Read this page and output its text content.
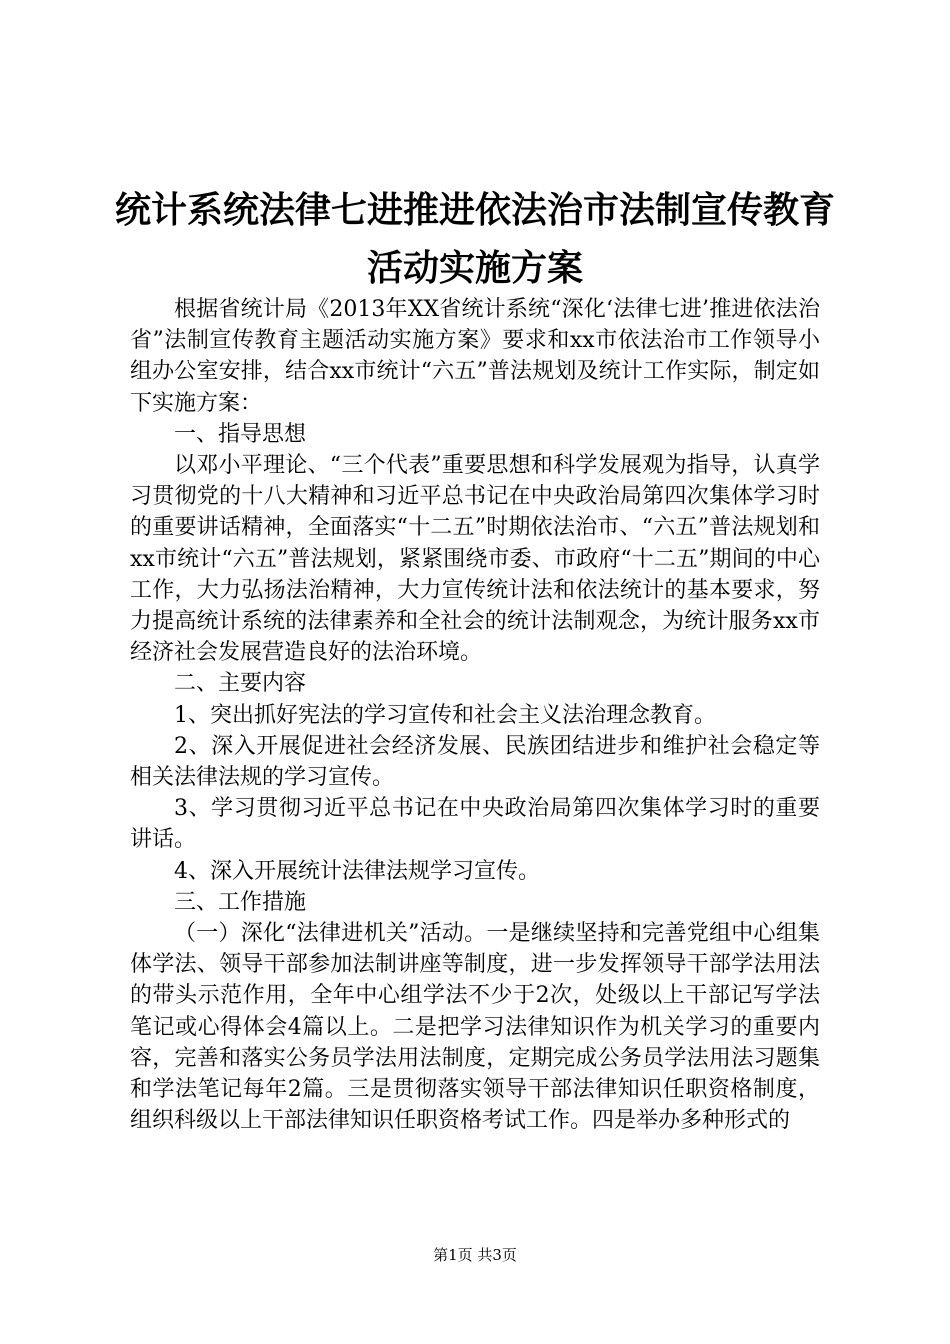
统计系统法律七进推进依法治市法制宣传教育
活动实施方案

根据省统计局《2013年XX省统计系统“深化‘法律七进’推进依法治省”法制宣传教育主题活动实施方案》要求和xx市依法治市工作领导小组办公室安排，结合xx市统计“六五”普法规划及统计工作实际，制定如下实施方案：

一、指导思想

以邓小平理论、“三个代表”重要思想和科学发展观为指导，认真学习贯彻党的十八大精神和习近平总书记在中央政治局第四次集体学习时的重要讲话精神，全面落实“十二五”时期依法治市、“六五”普法规划和xx市统计“六五”普法规划，紧紧围绕市委、市政府“十二五”期间的中心工作，大力弘扬法治精神，大力宣传统计法和依法统计的基本要求，努力提高统计系统的法律素养和全社会的统计法制观念，为统计服务xx市经济社会发展营造良好的法治环境。

二、主要内容

1、突出抓好宪法的学习宣传和社会主义法治理念教育。

2、深入开展促进社会经济发展、民族团结进步和维护社会稳定等相关法律法规的学习宣传。

3、学习贯彻习近平总书记在中央政治局第四次集体学习时的重要讲话。

4、深入开展统计法律法规学习宣传。

三、工作措施

（一）深化“法律进机关”活动。一是继续坚持和完善党组中心组集体学法、领导干部参加法制讲座等制度，进一步发挥领导干部学法用法的带头示范作用，全年中心组学法不少于2次，处级以上干部记写学法笔记或心得体会4篇以上。二是把学习法律知识作为机关学习的重要内容，完善和落实公务员学法用法制度，定期完成公务员学法用法习题集和学法笔记每年2篇。三是贯彻落实领导干部法律知识任职资格制度，组织科级以上干部法律知识任职资格考试工作。四是举办多种形式的

第1页 共3页
